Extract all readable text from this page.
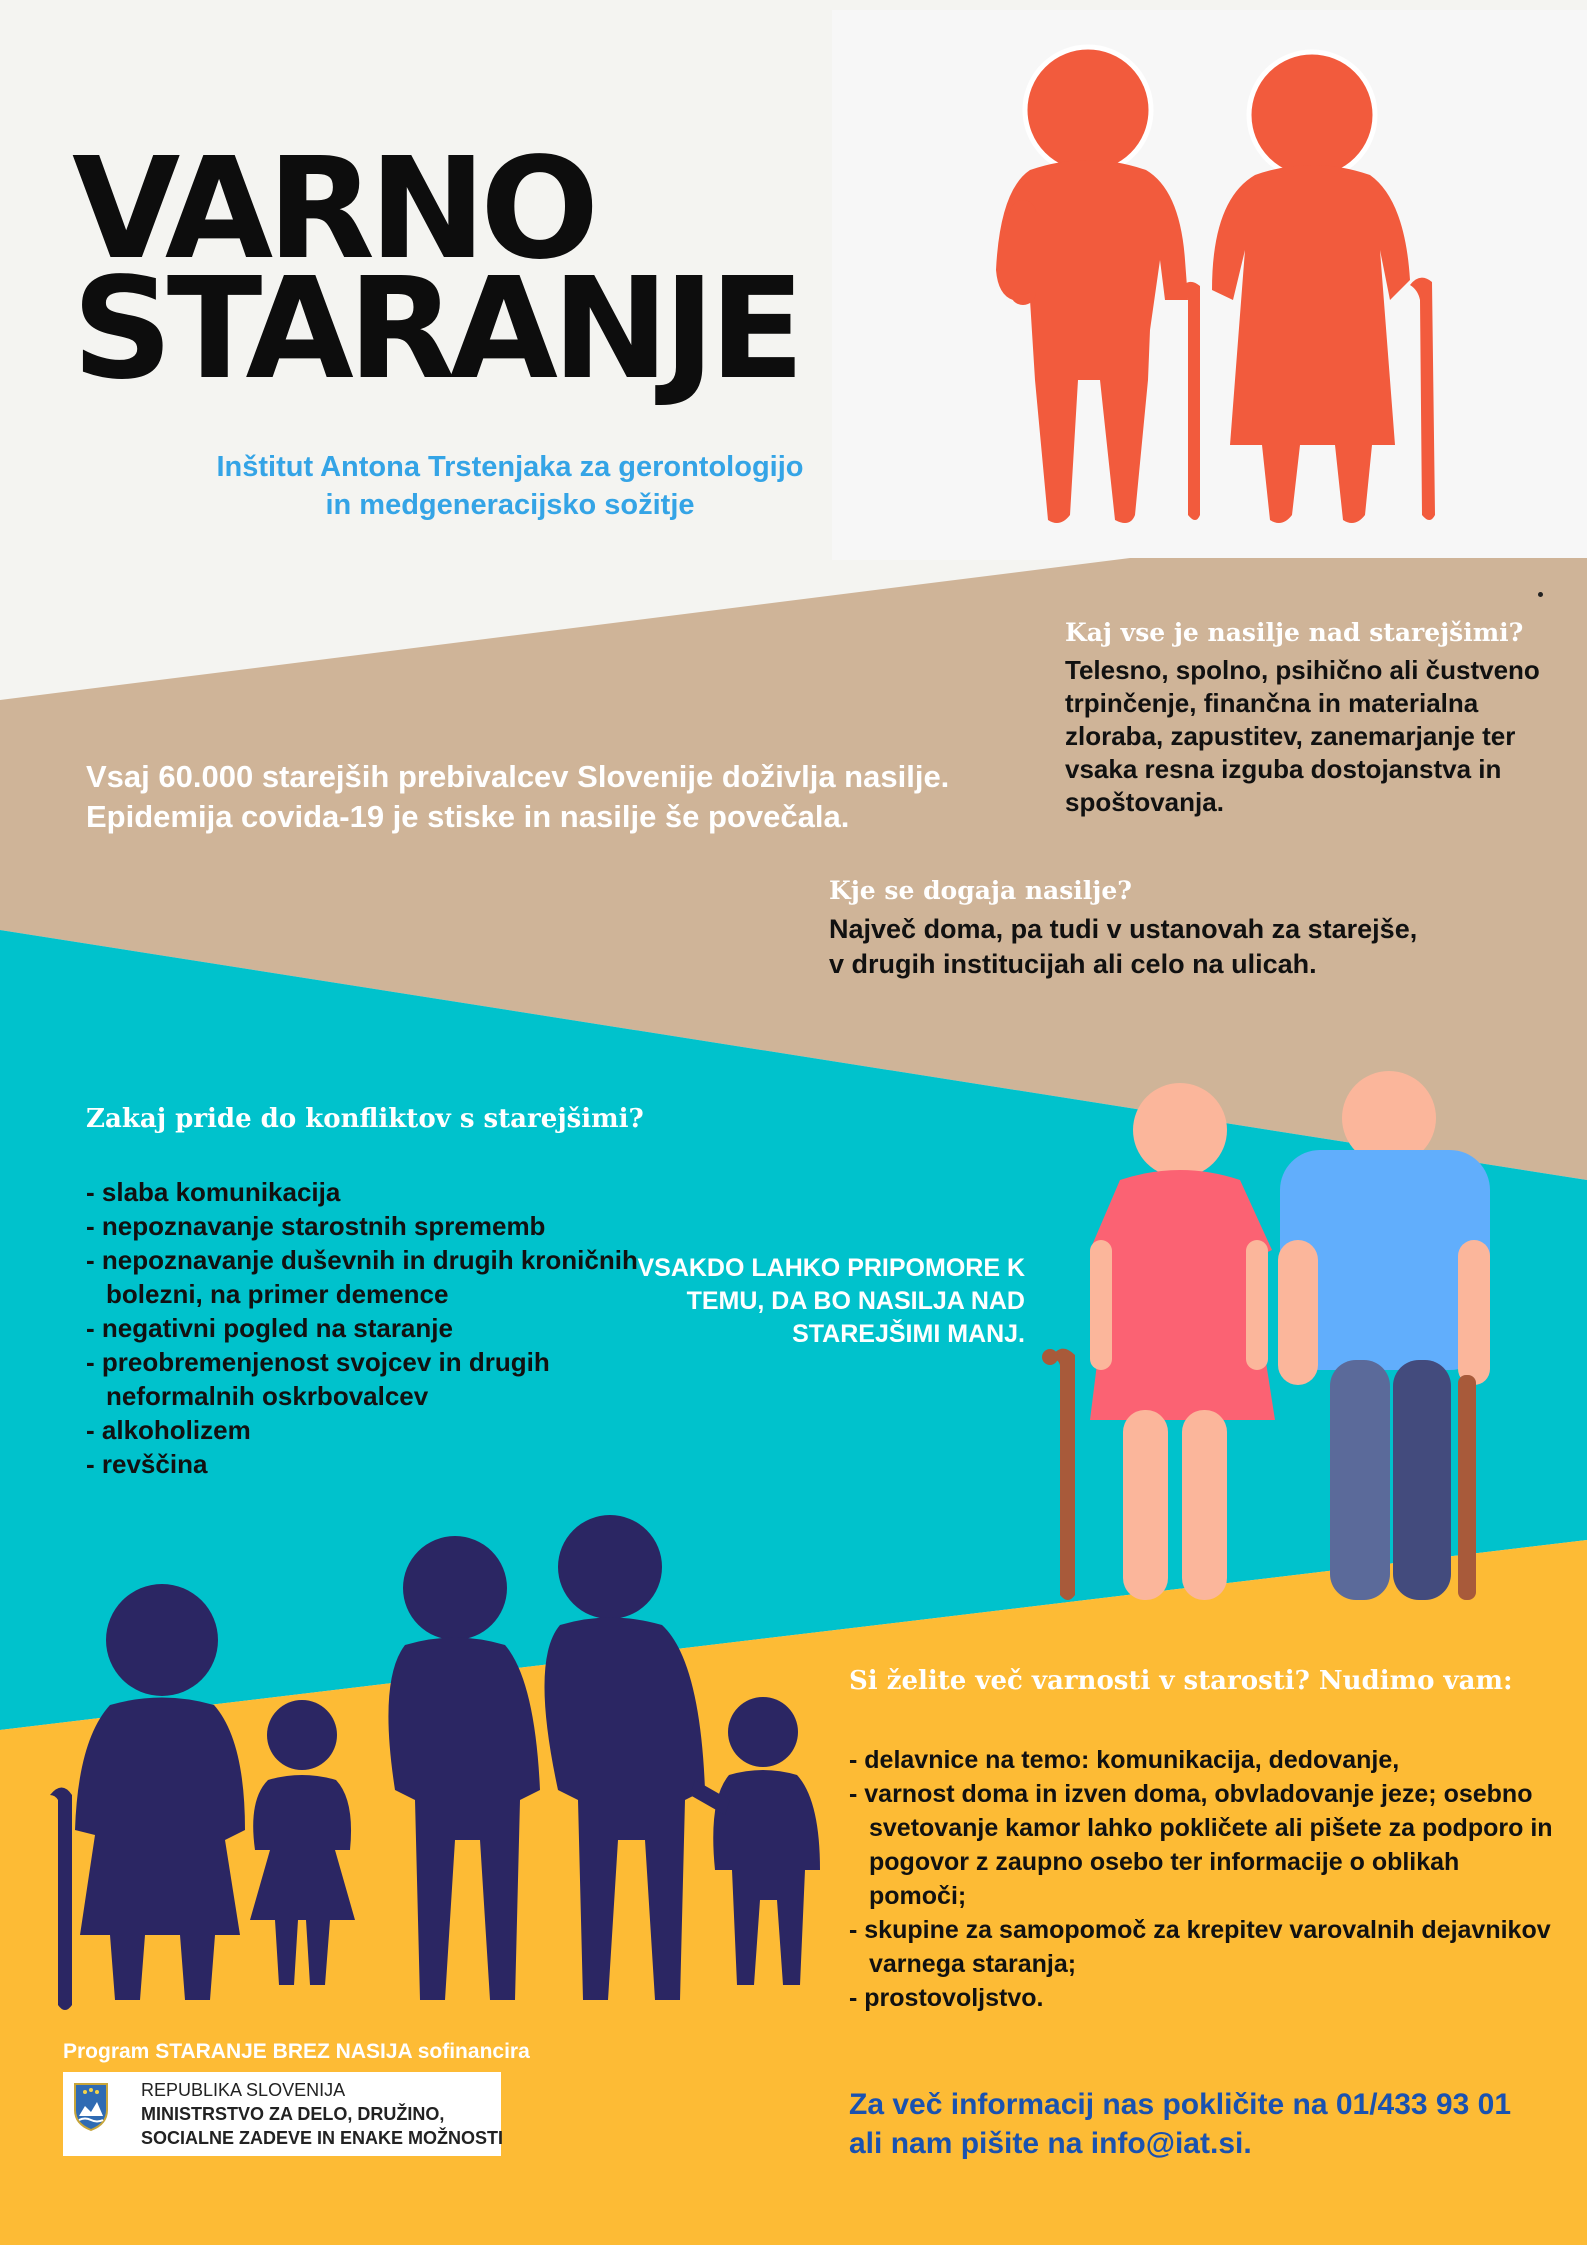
VARNO
STARANJE
Inštitut Antona Trstenjaka za gerontologijo
in medgeneracijsko sožitje
Kaj vse je nasilje nad starejšimi?
Telesno, spolno, psihično ali čustveno trpinčenje, finančna in materialna zloraba, zapustitev, zanemarjanje ter vsaka resna izguba dostojanstva in spoštovanja.
Vsaj 60.000 starejših prebivalcev Slovenije doživlja nasilje.
Epidemija covida-19 je stiske in nasilje še povečala.
Kje se dogaja nasilje?
Največ doma, pa tudi v ustanovah za starejše,
v drugih institucijah ali celo na ulicah.
Zakaj pride do konfliktov s starejšimi?
- slaba komunikacija
- nepoznavanje starostnih sprememb
- nepoznavanje duševnih in drugih kroničnih bolezni, na primer demence
- negativni pogled na staranje
- preobremenjenost svojcev in drugih neformalnih oskrbovalcev
- alkoholizem
- revščina
VSAKDO LAHKO PRIPOMORE K TEMU, DA BO NASILJA NAD STAREJŠIMI MANJ.
Si želite več varnosti v starosti? Nudimo vam:
- delavnice na temo: komunikacija, dedovanje,
- varnost doma in izven doma, obvladovanje jeze; osebno svetovanje kamor lahko pokličete ali pišete za podporo in pogovor z zaupno osebo ter informacije o oblikah pomoči;
- skupine za samopomoč za krepitev varovalnih dejavnikov varnega staranja;
- prostovoljstvo.
Za več informacij nas pokličite na 01/433 93 01
ali nam pišite na info@iat.si.
Program STARANJE BREZ NASIJA sofinancira
REPUBLIKA SLOVENIJA
MINISTRSTVO ZA DELO, DRUŽINO,
SOCIALNE ZADEVE IN ENAKE MOŽNOSTI
